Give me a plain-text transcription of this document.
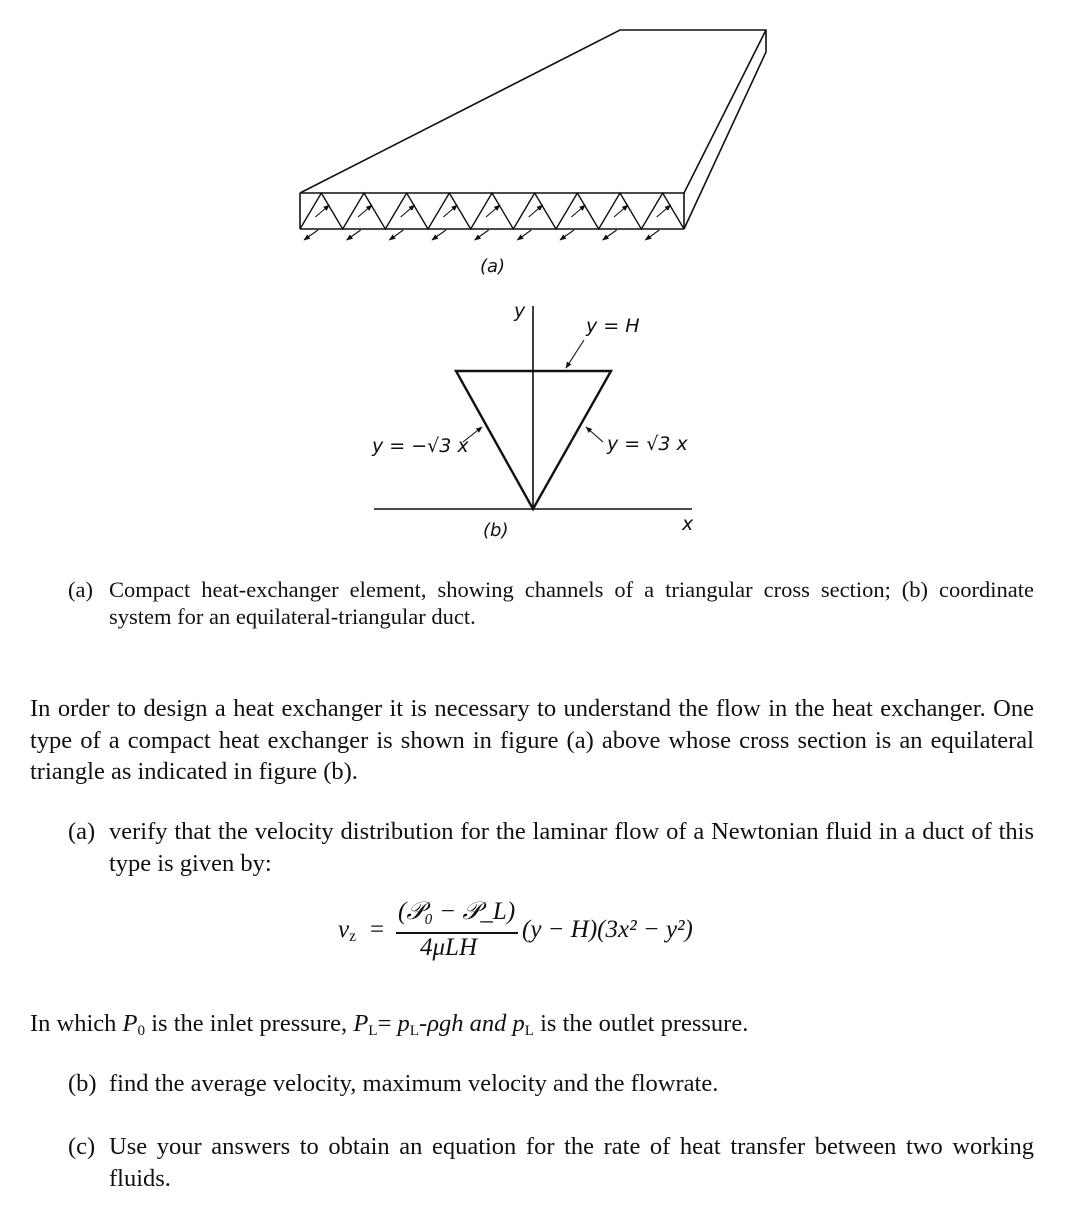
(a)
y
x
y = H
y = −√3 x	y = √3 x
(b)
(a) Compact heat-exchanger element, showing channels of a triangular cross section; (b) coordinate system for an equilateral-triangular duct.
In order to design a heat exchanger it is necessary to understand the flow in the heat exchanger. One type of a compact heat exchanger is shown in figure (a) above whose cross section is an equilateral triangle as indicated in figure (b).
(a) verify that the velocity distribution for the laminar flow of a Newtonian fluid in a duct of this type is given by:
$v_z$ =
(𝒫₀ − 𝒫_L)
4μLH
(y − H)(3x² − y²)
In which $P_0$ is the inlet pressure, $P_L= p_L-\rho gh$ and $p_L$ is the outlet pressure.
(b) find the average velocity, maximum velocity and the flowrate.
(c) Use your answers to obtain an equation for the rate of heat transfer between two working fluids.
